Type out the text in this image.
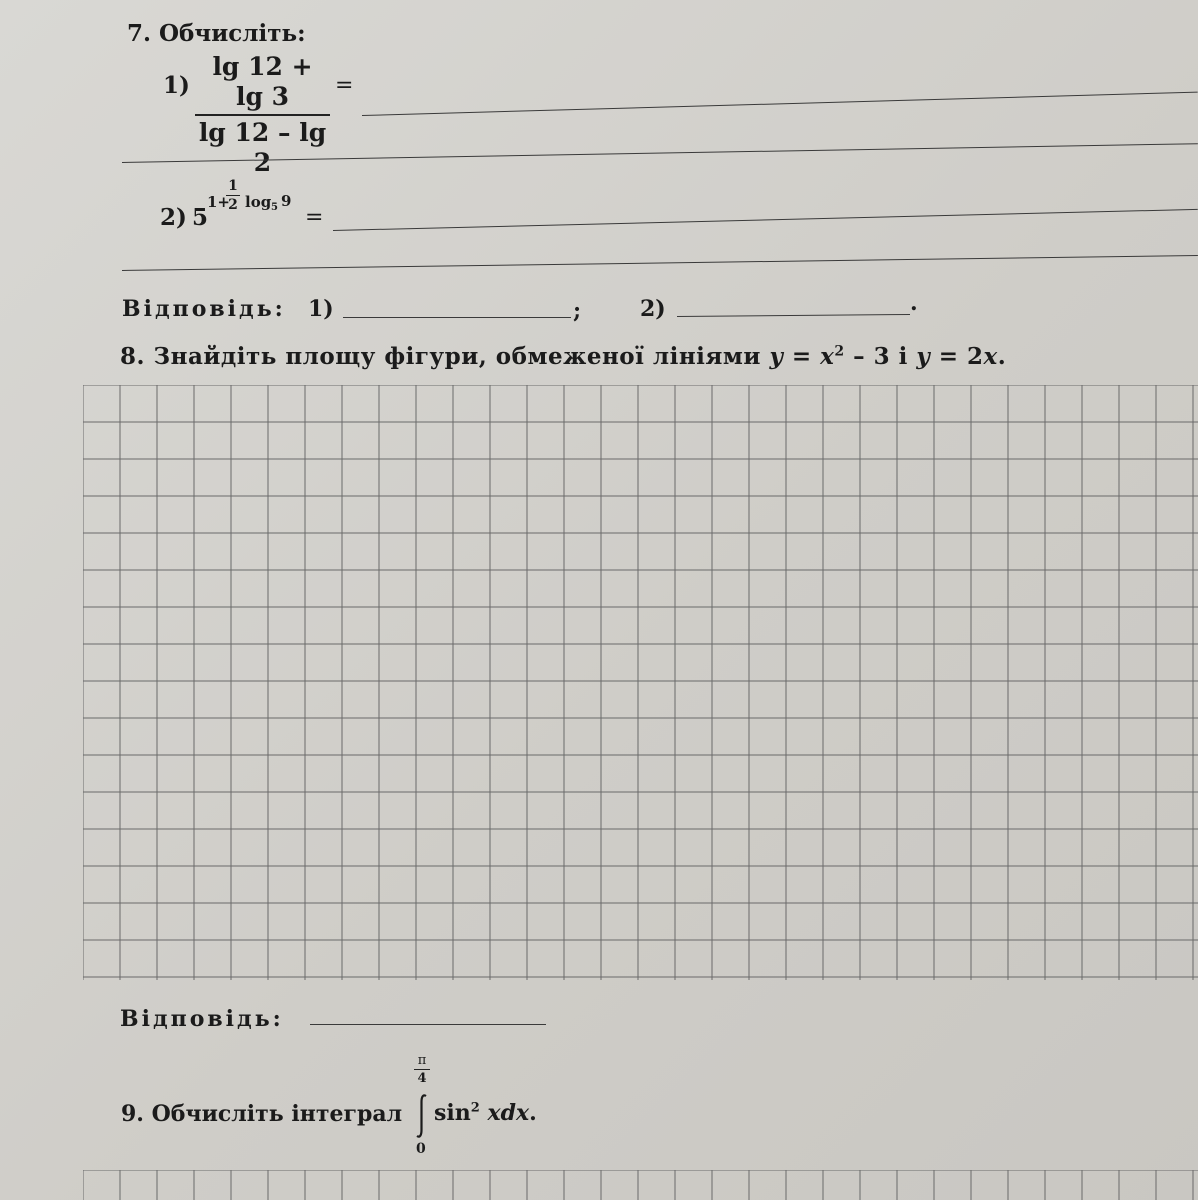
7. Обчисліть:
1)
lg 12 + lg 3
lg 12 – lg 2
=
2) 5
1+
1
2 log 5 9
=
Відповідь: 1)	;	2)	.
8. Знайдіть площу фігури, обмеженої лініями $y = x^2 - 3$ і y = 2x.
Відповідь:
9. Обчисліть інтеграл
π
4
0
$\sin^2$ xdx.
